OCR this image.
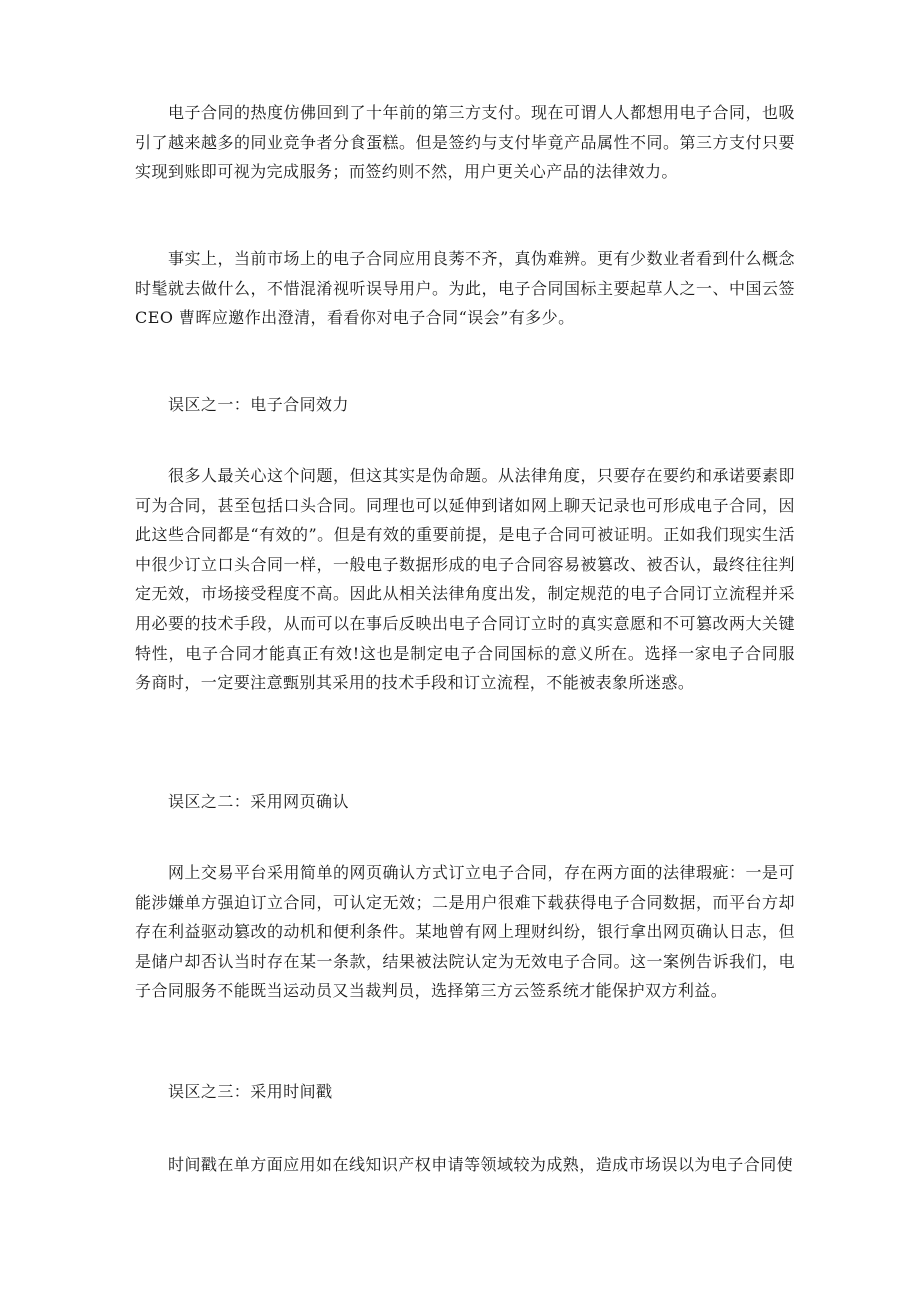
电子合同的热度仿佛回到了十年前的第三方支付。现在可谓人人都想用电子合同，也吸引了越来越多的同业竞争者分食蛋糕。但是签约与支付毕竟产品属性不同。第三方支付只要实现到账即可视为完成服务；而签约则不然，用户更关心产品的法律效力。

事实上，当前市场上的电子合同应用良莠不齐，真伪难辨。更有少数业者看到什么概念时髦就去做什么，不惜混淆视听误导用户。为此，电子合同国标主要起草人之一、中国云签CEO 曹晖应邀作出澄清，看看你对电子合同“误会”有多少。

误区之一：电子合同效力

很多人最关心这个问题，但这其实是伪命题。从法律角度，只要存在要约和承诺要素即可为合同，甚至包括口头合同。同理也可以延伸到诸如网上聊天记录也可形成电子合同，因此这些合同都是“有效的”。但是有效的重要前提，是电子合同可被证明。正如我们现实生活中很少订立口头合同一样，一般电子数据形成的电子合同容易被篡改、被否认，最终往往判定无效，市场接受程度不高。因此从相关法律角度出发，制定规范的电子合同订立流程并采用必要的技术手段，从而可以在事后反映出电子合同订立时的真实意愿和不可篡改两大关键特性，电子合同才能真正有效!这也是制定电子合同国标的意义所在。选择一家电子合同服务商时，一定要注意甄别其采用的技术手段和订立流程，不能被表象所迷惑。

误区之二：采用网页确认

网上交易平台采用简单的网页确认方式订立电子合同，存在两方面的法律瑕疵：一是可能涉嫌单方强迫订立合同，可认定无效；二是用户很难下载获得电子合同数据，而平台方却存在利益驱动篡改的动机和便利条件。某地曾有网上理财纠纷，银行拿出网页确认日志，但是储户却否认当时存在某一条款，结果被法院认定为无效电子合同。这一案例告诉我们，电子合同服务不能既当运动员又当裁判员，选择第三方云签系统才能保护双方利益。

误区之三：采用时间戳

时间戳在单方面应用如在线知识产权申请等领域较为成熟，造成市场误以为电子合同使
